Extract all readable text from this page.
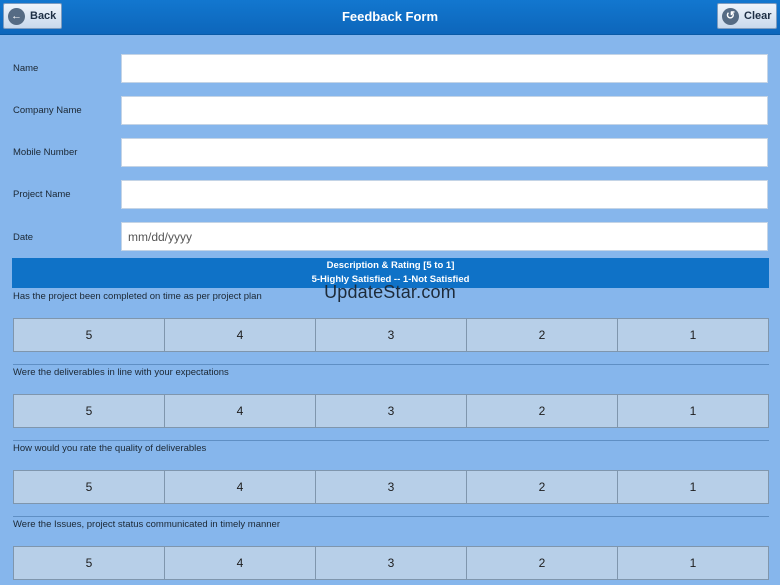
Feedback Form
← Back	↺ Clear
Name
Company Name
Mobile Number
Project Name
Date
mm/dd/yyyy
Description & Rating [5 to 1]
5-Highly Satisfied -- 1-Not Satisfied
Has the project been completed on time as per project plan	UpdateStar.com
5	4	3	2	1
Were the deliverables in line with your expectations
5	4	3	2	1
How would you rate the quality of deliverables
5	4	3	2	1
Were the Issues, project status communicated in timely manner
5	4	3	2	1
